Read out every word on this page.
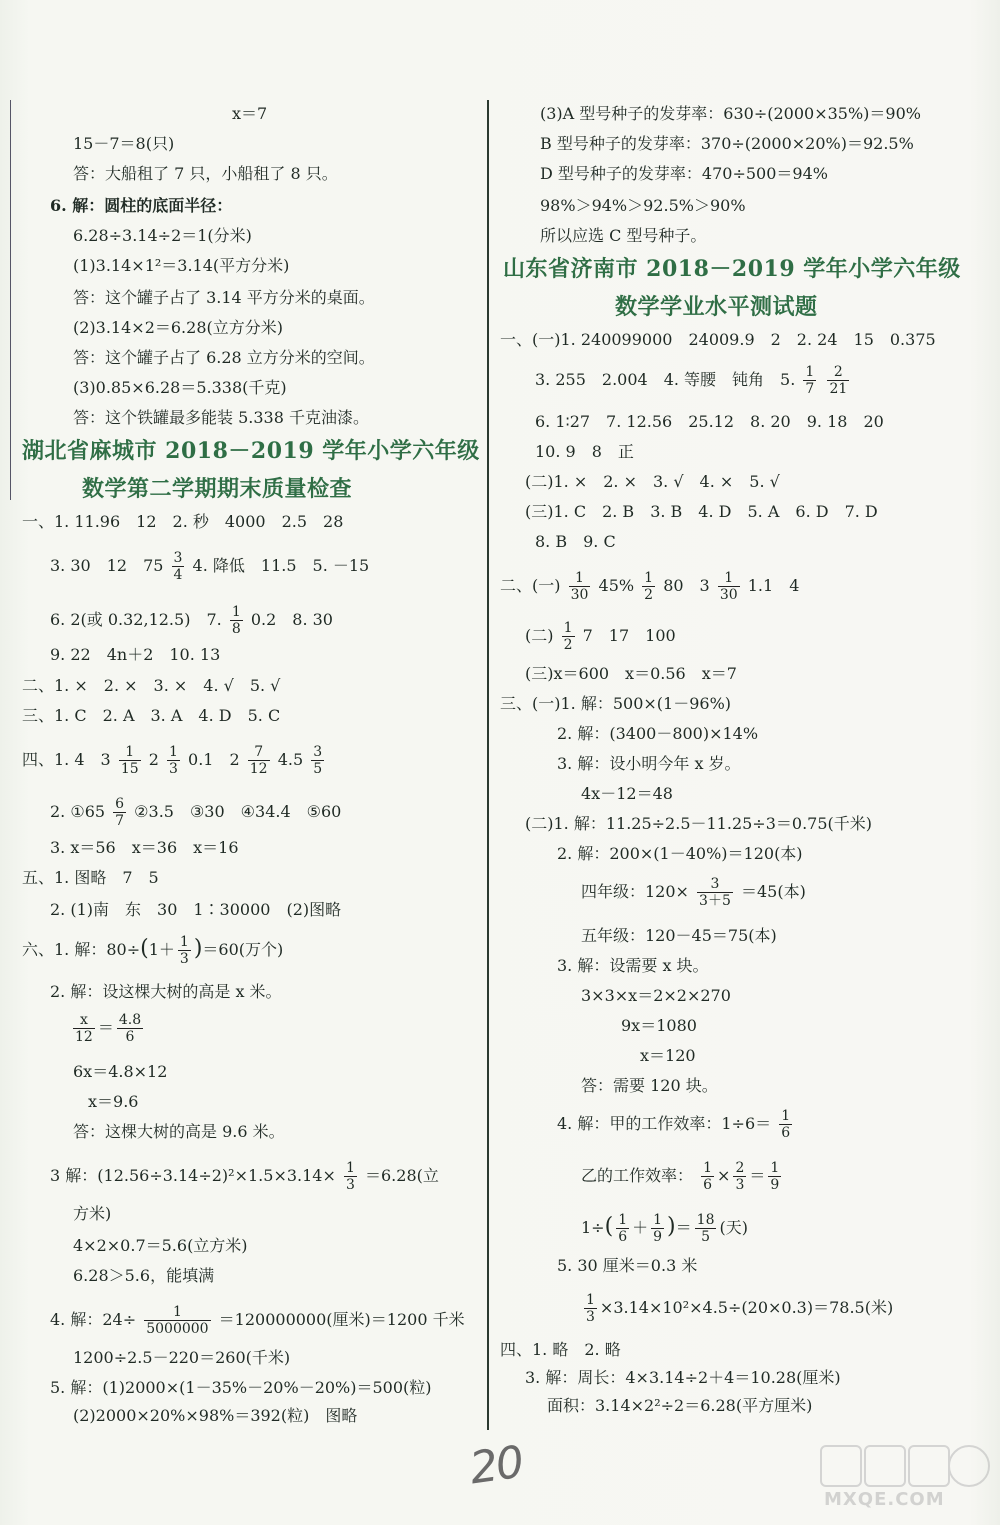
x＝7
15－7＝8(只)
答：大船租了 7 只，小船租了 8 只。
6. 解：圆柱的底面半径：
6.28÷3.14÷2＝1(分米)
(1)3.14×1²＝3.14(平方分米)
答：这个罐子占了 3.14 平方分米的桌面。
(2)3.14×2＝6.28(立方分米)
答：这个罐子占了 6.28 立方分米的空间。
(3)0.85×6.28＝5.338(千克)
答：这个铁罐最多能装 5.338 千克油漆。
湖北省麻城市 2018－2019 学年小学六年级
数学第二学期期末质量检查
一、1. 11.96　12　2. 秒　4000　2.5　28
3. 30　12　$75 \frac{3}{4} 4$. 降低　11.5　5. －15
6. 2(或 0.32,12.5)　7. $\frac{1}{8} 0.2$　8. 30
9. 22　4n＋2　10. 13
二、1. ×　2. ×　3. ×　4. √　5. √
三、1. C　2. A　3. A　4. D　5. C
四、1. 4　$3 \frac{1}{15} 2 \frac{1}{3} 0.1$　$2 \frac{7}{12} 4.5 \frac{3}{5}$
2. ①65 $\frac{6}{7}$ ②3.5　③30　④34.4　⑤60
3. x＝56　x＝36　x＝16
五、1. 图略　7　5
2. (1)南　东　30　1∶30000　(2)图略
六、1. 解：$80\div(1+ \frac{1}{3} )=60$(万个)
2. 解：设这棵大树的高是 x 米。
$\frac{x}{12} = \frac{4.8}{6}$
6x＝4.8×12
x＝9.6
答：这棵大树的高是 9.6 米。
3 解：$(12.56\div 3.14\div 2)^2\times 1.5\times 3.14\times \frac{1}{3} =6.28$(立
方米)
4×2×0.7＝5.6(立方米)
6.28＞5.6，能填满
4. 解：$24\div \frac{1}{5000000} =120000000$(厘米)＝1200 千米
1200÷2.5－220＝260(千米)
5. 解：(1)2000×(1－35%－20%－20%)＝500(粒)
(2)2000×20%×98%＝392(粒)　图略
(3)A 型号种子的发芽率：630÷(2000×35%)＝90%
B 型号种子的发芽率：370÷(2000×20%)＝92.5%
D 型号种子的发芽率：470÷500＝94%
98%＞94%＞92.5%＞90%
所以应选 C 型号种子。
山东省济南市 2018－2019 学年小学六年级
数学学业水平测试题
一、(一)1. 240099000　24009.9　2　2. 24　15　0.375
3. 255　2.004　4. 等腰　钝角　5. $\frac{1}{7}$
$\frac{2}{21}$
6. 1∶27　7. 12.56　25.12　8. 20　9. 18　20
10. 9　8　正
(二)1. ×　2. ×　3. √　4. ×　5. √
(三)1. C　2. B　3. B　4. D　5. A　6. D　7. D
8. B　9. C
二、(一) $\frac{1}{30} 45\% \frac{1}{2} 80$　$3 \frac{1}{30} 1.1$　4
(二) $\frac{1}{2} 7$　17　100
(三)x＝600　x＝0.56　x＝7
三、(一)1. 解：500×(1－96%)
2. 解：(3400－800)×14%
3. 解：设小明今年 x 岁。
4x－12＝48
(二)1. 解：11.25÷2.5－11.25÷3＝0.75(千米)
2. 解：200×(1－40%)＝120(本)
四年级：$120\times \frac{3}{3+5} =45$(本)
五年级：120－45＝75(本)
3. 解：设需要 x 块。
3×3×x＝2×2×270
9x＝1080
x＝120
答：需要 120 块。
4. 解：甲的工作效率：$1\div 6= \frac{1}{6}$
乙的工作效率： $\frac{1}{6} \times \frac{2}{3} = \frac{1}{9}$
$1\div( \frac{1}{6} + \frac{1}{9}$ )＝ $\frac{18}{5}$ (天)
5. 30 厘米＝0.3 米
$\frac{1}{3} \times 3.14\times 10^2\times 4.5\div(20\times 0.3)=78.5$(米)
四、1. 略　2. 略
3. 解：周长：4×3.14÷2＋4＝10.28(厘米)
面积：3.14×2²÷2＝6.28(平方厘米)
20
MXQE.COM
